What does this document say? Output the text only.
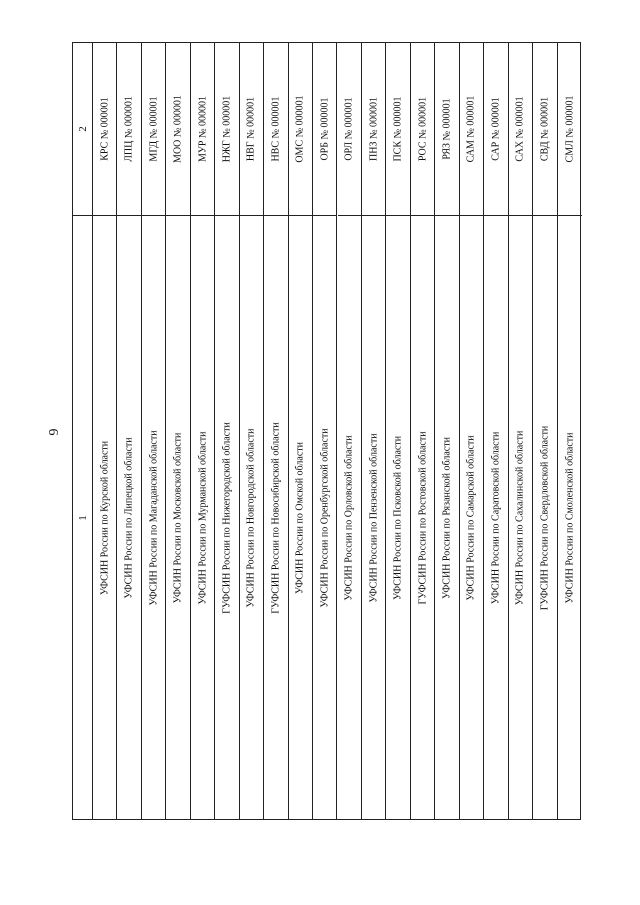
6
2
1
КРС № 000001
УФСИН России по Курской области
ЛПЦ № 000001
УФСИН России по Липецкой области
МГД № 000001
УФСИН России по Магаданской области
МОО № 000001
УФСИН России по Московской области
МУР № 000001
УФСИН России по Мурманской области
НЖГ № 000001
ГУФСИН России по Нижегородской области
НВГ № 000001
УФСИН России по Новгородской области
НВС № 000001
ГУФСИН России по Новосибирской области
ОМС № 000001
УФСИН России по Омской области
ОРБ № 000001
УФСИН России по Оренбургской области
ОРЛ № 000001
УФСИН России по Орловской области
ПНЗ № 000001
УФСИН России по Пензенской области
ПСК № 000001
УФСИН России по Псковской области
РОС № 000001
ГУФСИН России по Ростовской области
РЯЗ № 000001
УФСИН России по Рязанской области
САМ № 000001
УФСИН России по Самарской области
САР № 000001
УФСИН России по Саратовской области
САХ № 000001
УФСИН России по Сахалинской области
СВД № 000001
ГУФСИН России по Свердловской области
СМЛ № 000001
УФСИН России по Смоленской области
